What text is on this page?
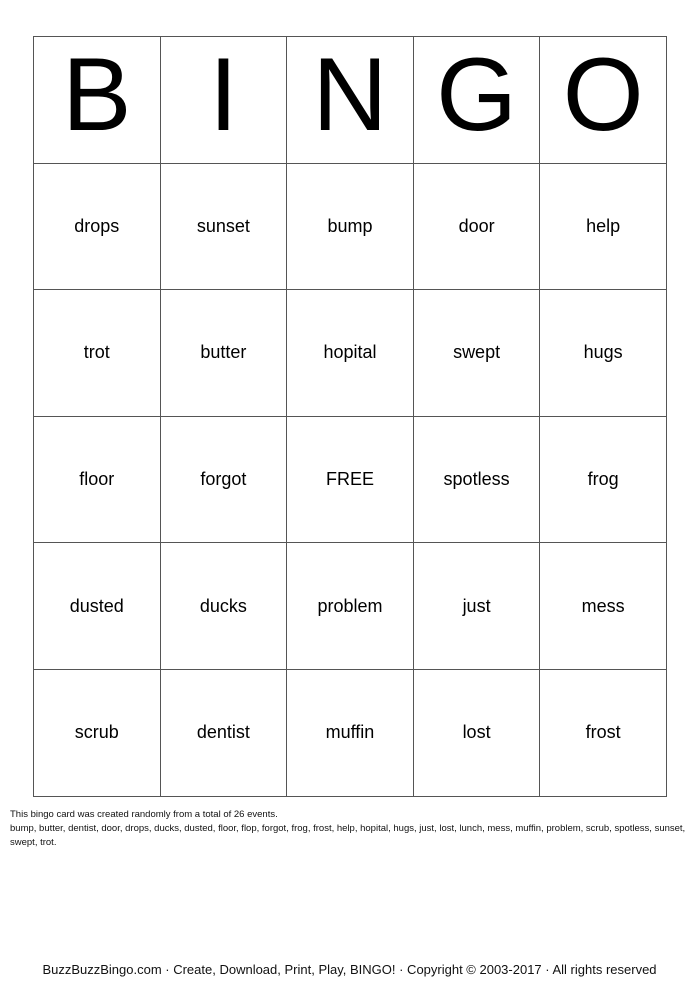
B	I	N	G	O
drops	sunset	bump	door	help
trot	butter	hopital	swept	hugs
floor	forgot	FREE	spotless	frog
dusted	ducks	problem	just	mess
scrub	dentist	muffin	lost	frost
This bingo card was created randomly from a total of 26 events.
bump, butter, dentist, door, drops, ducks, dusted, floor, flop, forgot, frog, frost, help, hopital, hugs, just, lost, lunch, mess, muffin, problem, scrub, spotless, sunset, swept, trot.
BuzzBuzzBingo.com · Create, Download, Print, Play, BINGO! · Copyright © 2003-2017 · All rights reserved
